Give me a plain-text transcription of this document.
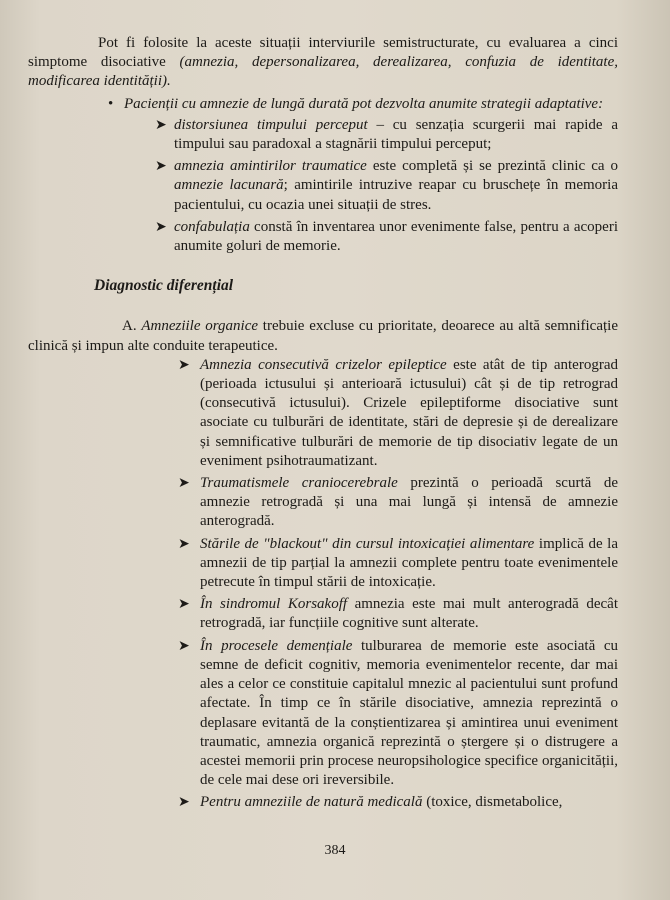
Pot fi folosite la aceste situații interviurile semistructurate, cu evaluarea a cinci simptome disociative (amnezia, depersonalizarea, derealizarea, confuzia de identitate, modificarea identității).

• Pacienții cu amnezie de lungă durată pot dezvolta anumite strategii adaptative:

➤ distorsiunea timpului perceput – cu senzația scurgerii mai rapide a timpului sau paradoxal a stagnării timpului perceput;

➤ amnezia amintirilor traumatice este completă și se prezintă clinic ca o amnezie lacunară; amintirile intruzive reapar cu bruschețe în memoria pacientului, cu ocazia unei situații de stres.

➤ confabulația constă în inventarea unor evenimente false, pentru a acoperi anumite goluri de memorie.

Diagnostic diferențial

A. Amneziile organice trebuie excluse cu prioritate, deoarece au altă semnificație clinică și impun alte conduite terapeutice.

➤ Amnezia consecutivă crizelor epileptice este atât de tip anterograd (perioada ictusului și anterioară ictusului) cât și de tip retrograd (consecutivă ictusului). Crizele epileptiforme disociative sunt asociate cu tulburări de identitate, stări de depresie și de derealizare și semnificative tulburări de memorie de tip disociativ legate de un eveniment psihotraumatizant.

➤ Traumatismele craniocerebrale prezintă o perioadă scurtă de amnezie retrogradă și una mai lungă și intensă de amnezie anterogradă.

➤ Stările de "blackout" din cursul intoxicației alimentare implică de la amnezii de tip parțial la amnezii complete pentru toate evenimentele petrecute în timpul stării de intoxicație.

➤ În sindromul Korsakoff amnezia este mai mult anterogradă decât retrogradă, iar funcțiile cognitive sunt alterate.

➤ În procesele demențiale tulburarea de memorie este asociată cu semne de deficit cognitiv, memoria evenimentelor recente, dar mai ales a celor ce constituie capitalul mnezic al pacientului sunt profund afectate. În timp ce în stările disociative, amnezia reprezintă o deplasare evitantă de la conștientizarea și amintirea unui eveniment traumatic, amnezia organică reprezintă o ștergere și o distrugere a acestei memorii prin procese neuropsihologice specifice organicității, de cele mai dese ori ireversibile.

➤ Pentru amneziile de natură medicală (toxice, dismetabolice,

384
